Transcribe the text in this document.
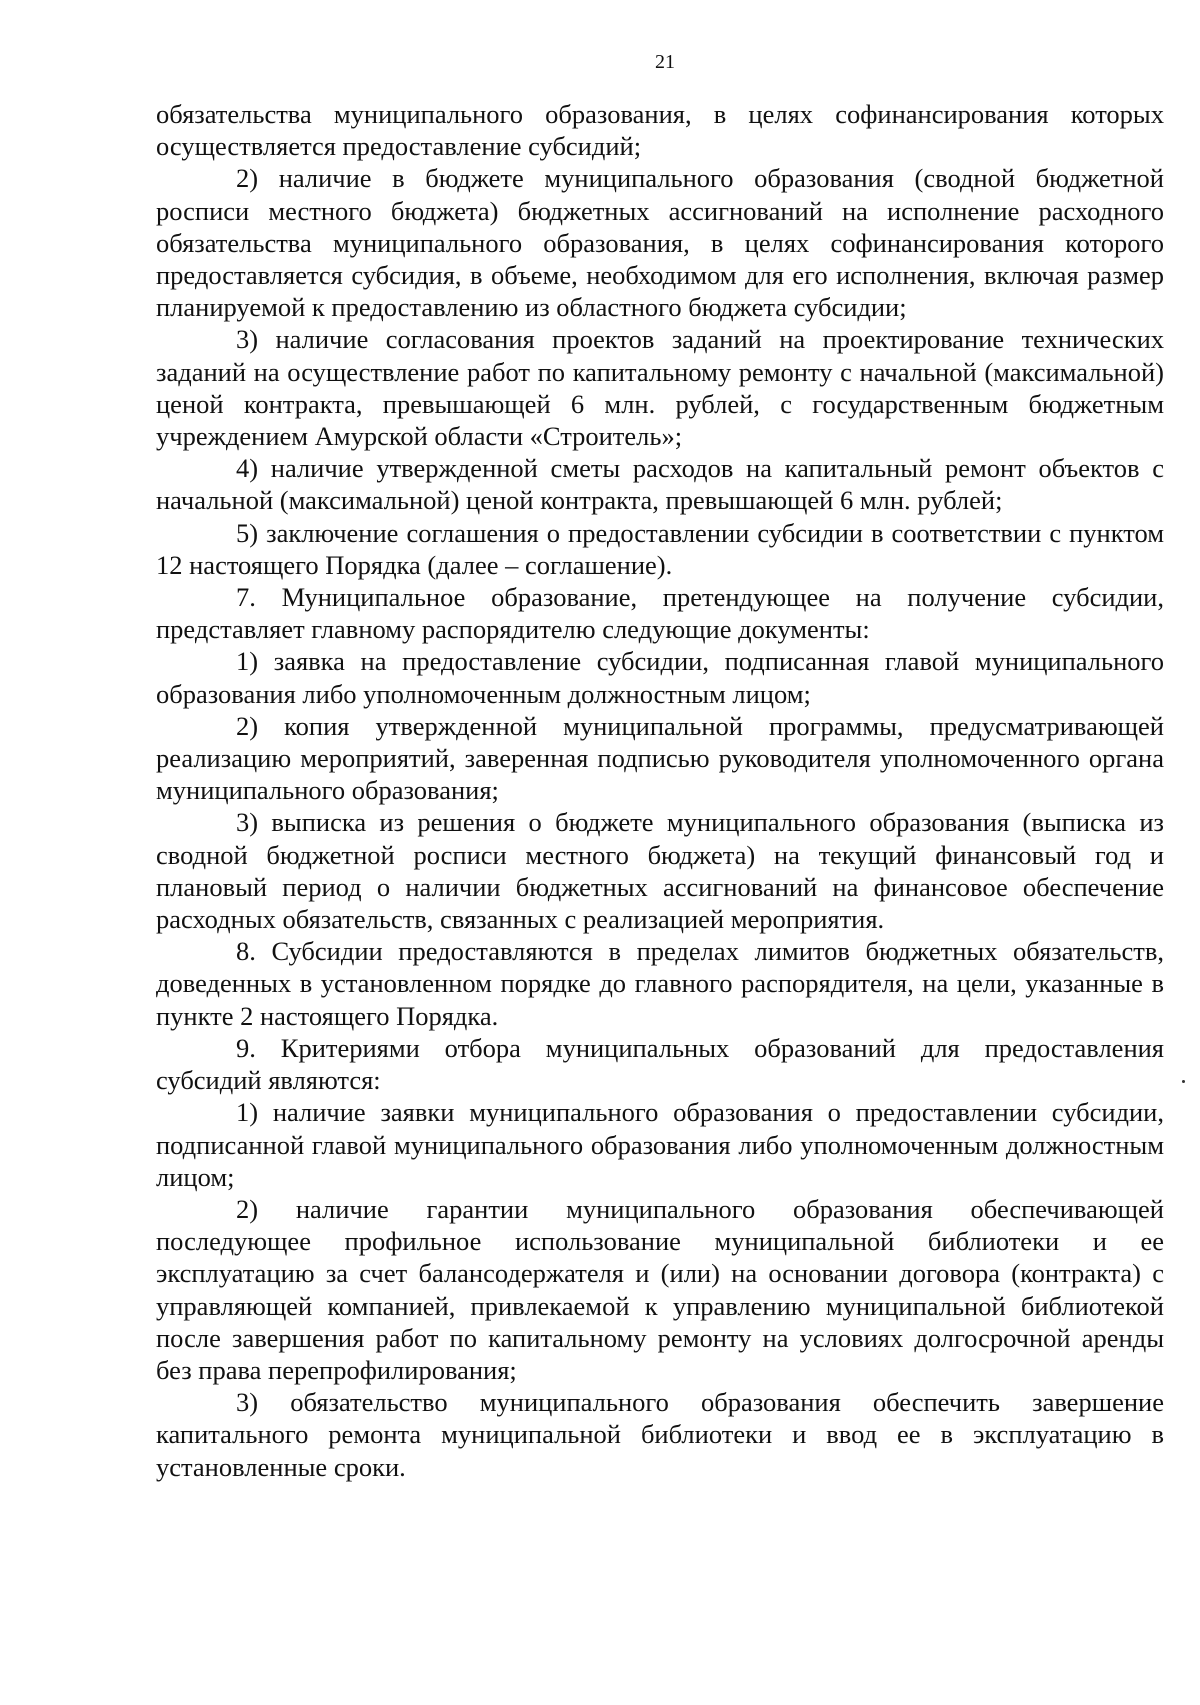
21

обязательства муниципального образования, в целях софинансирования которых осуществляется предоставление субсидий;

2) наличие в бюджете муниципального образования (сводной бюджетной росписи местного бюджета) бюджетных ассигнований на исполнение расходного обязательства муниципального образования, в целях софинансирования которого предоставляется субсидия, в объеме, необходимом для его исполнения, включая размер планируемой к предоставлению из областного бюджета субсидии;

3) наличие согласования проектов заданий на проектирование технических заданий на осуществление работ по капитальному ремонту с начальной (максимальной) ценой контракта, превышающей 6 млн. рублей, с государственным бюджетным учреждением Амурской области «Строитель»;

4) наличие утвержденной сметы расходов на капитальный ремонт объектов с начальной (максимальной) ценой контракта, превышающей 6 млн. рублей;

5) заключение соглашения о предоставлении субсидии в соответствии с пунктом 12 настоящего Порядка (далее – соглашение).

7. Муниципальное образование, претендующее на получение субсидии, представляет главному распорядителю следующие документы:

1) заявка на предоставление субсидии, подписанная главой муниципального образования либо уполномоченным должностным лицом;

2) копия утвержденной муниципальной программы, предусматривающей реализацию мероприятий, заверенная подписью руководителя уполномоченного органа муниципального образования;

3) выписка из решения о бюджете муниципального образования (выписка из сводной бюджетной росписи местного бюджета) на текущий финансовый год и плановый период о наличии бюджетных ассигнований на финансовое обеспечение расходных обязательств, связанных с реализацией мероприятия.

8. Субсидии предоставляются в пределах лимитов бюджетных обязательств, доведенных в установленном порядке до главного распорядителя, на цели, указанные в пункте 2 настоящего Порядка.

9. Критериями отбора муниципальных образований для предоставления субсидий являются:

1) наличие заявки муниципального образования о предоставлении субсидии, подписанной главой муниципального образования либо уполномоченным должностным лицом;

2) наличие гарантии муниципального образования обеспечивающей последующее профильное использование муниципальной библиотеки и ее эксплуатацию за счет балансодержателя и (или) на основании договора (контракта) с управляющей компанией, привлекаемой к управлению муниципальной библиотекой после завершения работ по капитальному ремонту на условиях долгосрочной аренды без права перепрофилирования;

3) обязательство муниципального образования обеспечить завершение капитального ремонта муниципальной библиотеки и ввод ее в эксплуатацию в установленные сроки.
